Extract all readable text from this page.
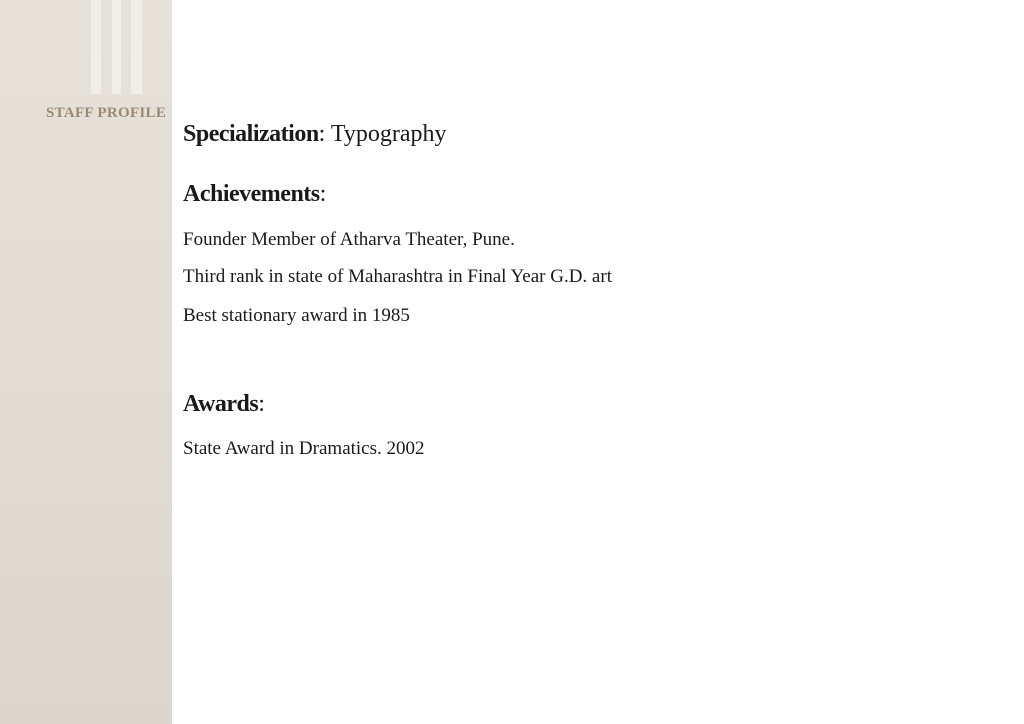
STAFF PROFILE
Specialization: Typography
Achievements:
Founder Member of Atharva Theater, Pune.
Third rank in state of Maharashtra in Final Year G.D. art
Best stationary award in 1985
Awards:
State Award in Dramatics. 2002
